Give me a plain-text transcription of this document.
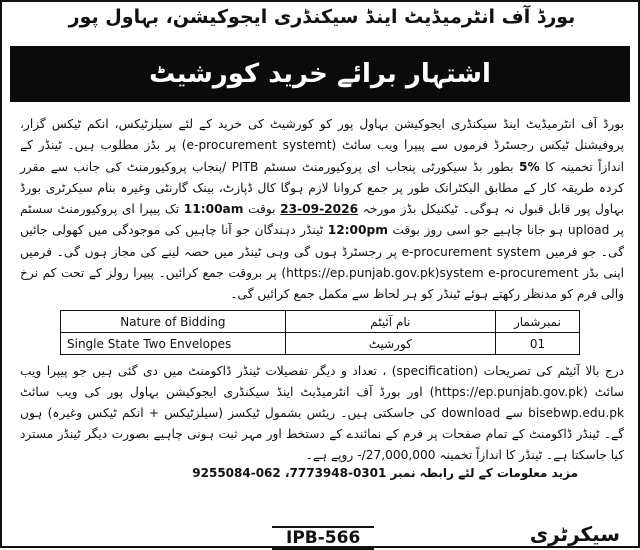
بورڈ آف انٹرمیڈیٹ اینڈ سیکنڈری ایجوکیشن، بہاول پور
اشتہار برائے خرید کورشیٹ
بورڈ آف انٹرمیڈیٹ اینڈ سیکنڈری ایجوکیشن بہاول پور کو کورشیٹ کی خرید کے لئے سیلزٹیکس، انکم ٹیکس گزار، پروفیشنل ٹیکس رجسٹرڈ فرموں سے پیپرا ویب سائٹ (e-procurement systemt) پر بڈز مطلوب ہیں۔ ٹینڈر کے اندازاً تخمینہ کا 5% بطور بڈ سیکورٹی پنجاب ای پروکیورمنٹ سسٹم PITB /پنجاب پروکیورمنٹ کی جانب سے مقرر کردہ طریقہ کار کے مطابق الیکٹرانک طور پر جمع کروانا لازم ہوگا کال ڈپازٹ، بینک گارنٹی وغیرہ بنام سیکرٹری بورڈ بہاول پور قابل قبول نہ ہوگی۔ ٹیکنیکل بڈز مورخہ 23-09-2026 بوقت 11:00am تک پیپرا ای پروکیورمنٹ سسٹم پر upload ہو جانا چاہیے جو اسی روز بوقت 12:00pm ٹینڈر دہندگان جو آنا چاہیں کی موجودگی میں کھولی جائیں گی۔ جو فرمیں e-procurement system پر رجسٹرڈ ہوں گی وہی ٹینڈر میں حصہ لینے کی مجاز ہوں گی۔ فرمیں اپنی بڈز (https://ep.punjab.gov.pk)system e-procurement پر بروقت جمع کرائیں۔ پیپرا رولز کے تحت کم نرخ والی فرم کو مدنظر رکھتے ہوئے ٹینڈر کو ہر لحاظ سے مکمل جمع کرائیں گی۔
Nature of Bidding	نام آئیٹم	نمبرشمار
Single State Two Envelopes	کورشیٹ	01
درج بالا آئیٹم کی تصریحات (specification) ، تعداد و دیگر تفصیلات ٹینڈر ڈاکومنٹ میں دی گئی ہیں جو پیپرا ویب سائٹ (https://ep.punjab.gov.pk) اور بورڈ آف انٹرمیڈیٹ اینڈ سیکنڈری ایجوکیشن بہاول پور کی ویب سائٹ bisebwp.edu.pk سے download کی جاسکتی ہیں۔ ریٹس بشمول ٹیکسز (سیلزٹیکس + انکم ٹیکس وغیرہ) ہوں گے۔ ٹینڈر ڈاکومنٹ کے تمام صفحات پر فرم کے نمائندے کے دستخط اور مہر ثبت ہونی چاہیے بصورت دیگر ٹینڈر مسترد کیا جاسکتا ہے۔ ٹینڈر کا اندازاً تخمینہ 27,000,000/- روپے ہے۔
مزید معلومات کے لئے رابطہ نمبر 0301-7773948، 062-9255084
IPB-566	سیکرٹری
